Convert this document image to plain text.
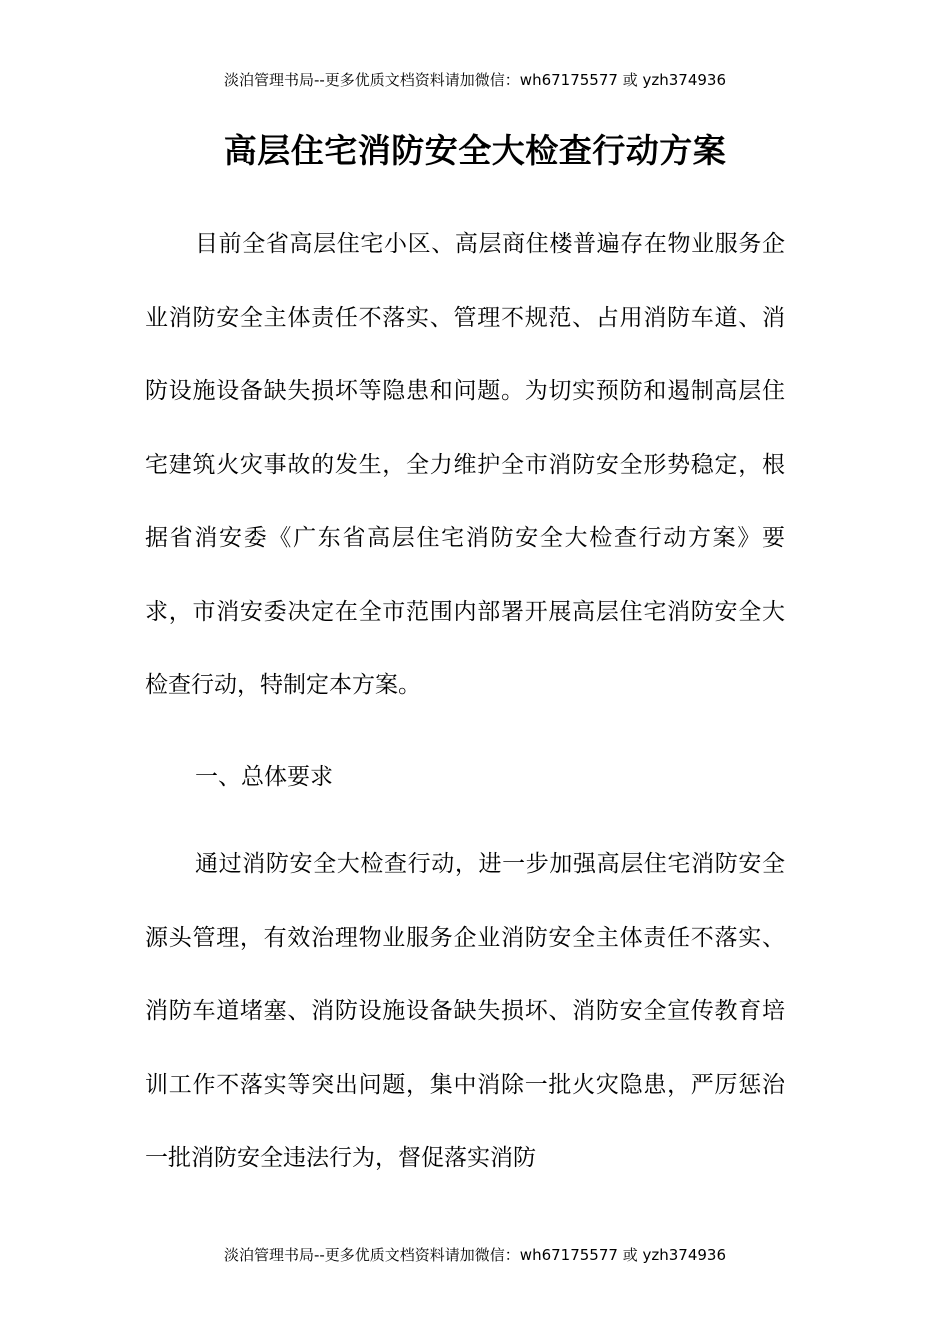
淡泊管理书局--更多优质文档资料请加微信：wh67175577 或 yzh374936
高层住宅消防安全大检查行动方案

目前全省高层住宅小区、高层商住楼普遍存在物业服务企业消防安全主体责任不落实、管理不规范、占用消防车道、消防设施设备缺失损坏等隐患和问题。为切实预防和遏制高层住宅建筑火灾事故的发生，全力维护全市消防安全形势稳定，根据省消安委《广东省高层住宅消防安全大检查行动方案》要求，市消安委决定在全市范围内部署开展高层住宅消防安全大检查行动，特制定本方案。

一、总体要求

通过消防安全大检查行动，进一步加强高层住宅消防安全源头管理，有效治理物业服务企业消防安全主体责任不落实、消防车道堵塞、消防设施设备缺失损坏、消防安全宣传教育培训工作不落实等突出问题，集中消除一批火灾隐患，严厉惩治一批消防安全违法行为，督促落实消防

淡泊管理书局--更多优质文档资料请加微信：wh67175577 或 yzh374936
